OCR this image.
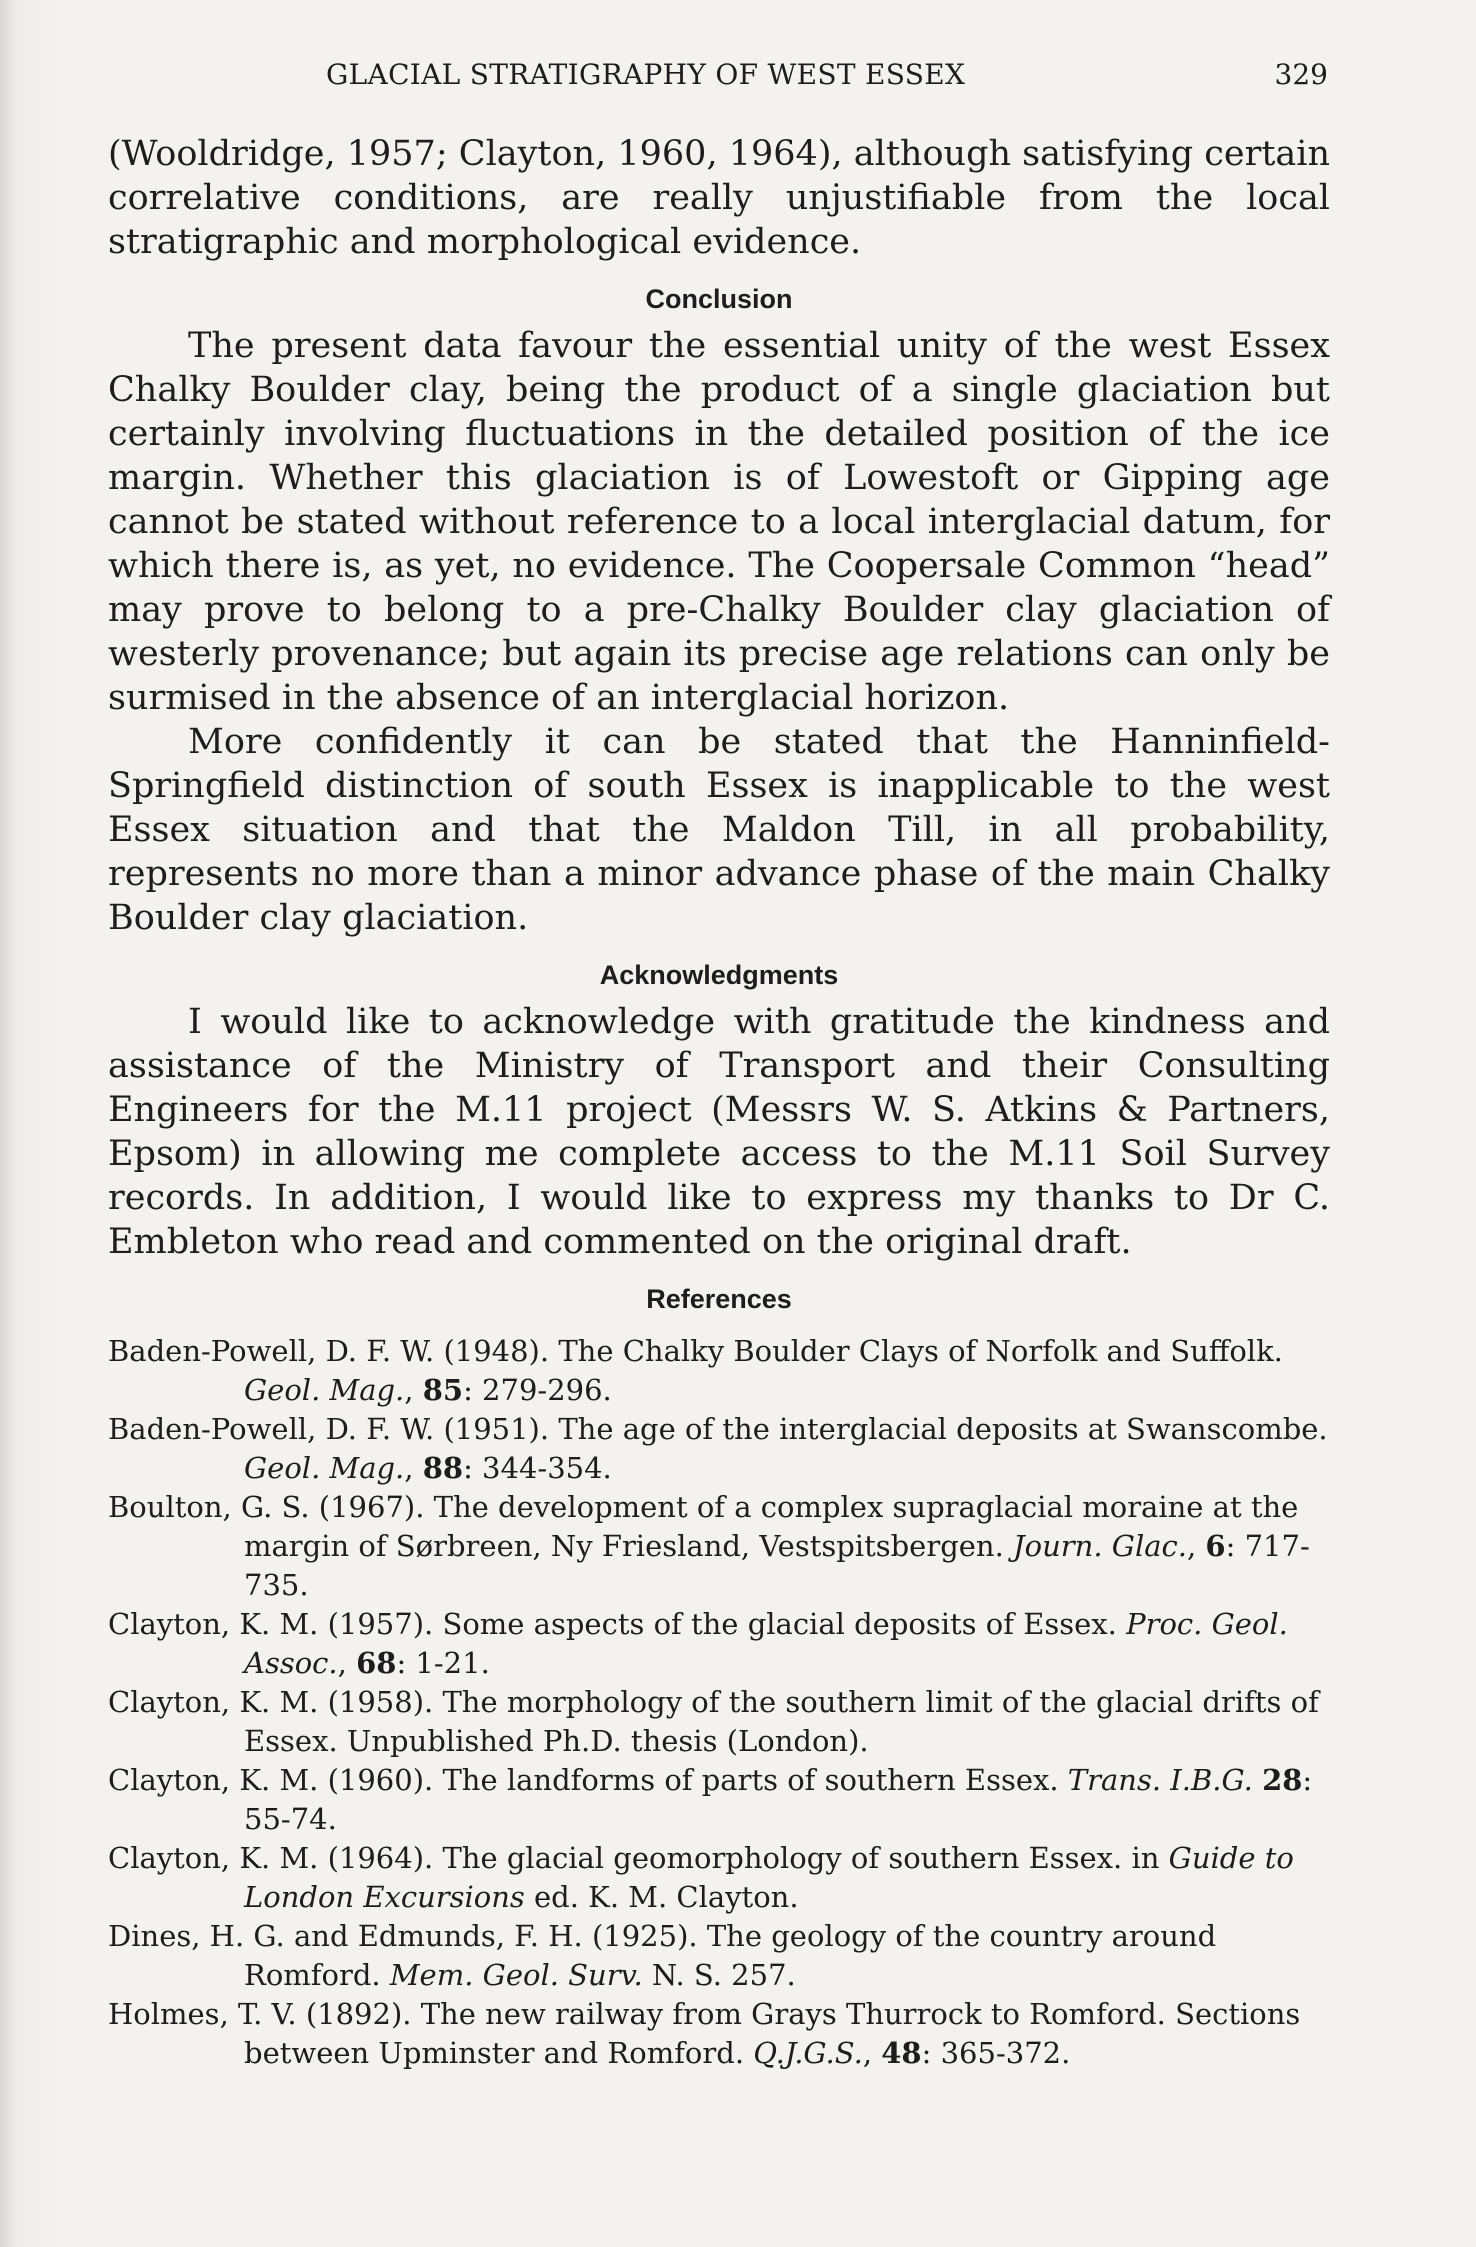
GLACIAL STRATIGRAPHY OF WEST ESSEX	329

(Wooldridge, 1957; Clayton, 1960, 1964), although satisfying certain correlative conditions, are really unjustifiable from the local stratigraphic and morphological evidence.

Conclusion

The present data favour the essential unity of the west Essex Chalky Boulder clay, being the product of a single glaciation but certainly involving fluctuations in the detailed position of the ice margin. Whether this glaciation is of Lowestoft or Gipping age cannot be stated without reference to a local interglacial datum, for which there is, as yet, no evidence. The Coopersale Common “head” may prove to belong to a pre-Chalky Boulder clay glaciation of westerly provenance; but again its precise age relations can only be surmised in the absence of an interglacial horizon.

More confidently it can be stated that the Hanninfield-Springfield distinction of south Essex is inapplicable to the west Essex situation and that the Maldon Till, in all probability, represents no more than a minor advance phase of the main Chalky Boulder clay glaciation.

Acknowledgments

I would like to acknowledge with gratitude the kindness and assistance of the Ministry of Transport and their Consulting Engineers for the M.11 project (Messrs W. S. Atkins & Partners, Epsom) in allowing me complete access to the M.11 Soil Survey records. In addition, I would like to express my thanks to Dr C. Embleton who read and commented on the original draft.

References

Baden-Powell, D. F. W. (1948). The Chalky Boulder Clays of Norfolk and Suffolk. Geol. Mag., 85: 279-296.

Baden-Powell, D. F. W. (1951). The age of the interglacial deposits at Swanscombe. Geol. Mag., 88: 344-354.

Boulton, G. S. (1967). The development of a complex supraglacial moraine at the margin of Sørbreen, Ny Friesland, Vestspitsbergen. Journ. Glac., 6: 717-735.

Clayton, K. M. (1957). Some aspects of the glacial deposits of Essex. Proc. Geol. Assoc., 68: 1-21.

Clayton, K. M. (1958). The morphology of the southern limit of the glacial drifts of Essex. Unpublished Ph.D. thesis (London).

Clayton, K. M. (1960). The landforms of parts of southern Essex. Trans. I.B.G. 28: 55-74.

Clayton, K. M. (1964). The glacial geomorphology of southern Essex. in Guide to London Excursions ed. K. M. Clayton.

Dines, H. G. and Edmunds, F. H. (1925). The geology of the country around Romford. Mem. Geol. Surv. N. S. 257.

Holmes, T. V. (1892). The new railway from Grays Thurrock to Romford. Sections between Upminster and Romford. Q.J.G.S., 48: 365-372.
